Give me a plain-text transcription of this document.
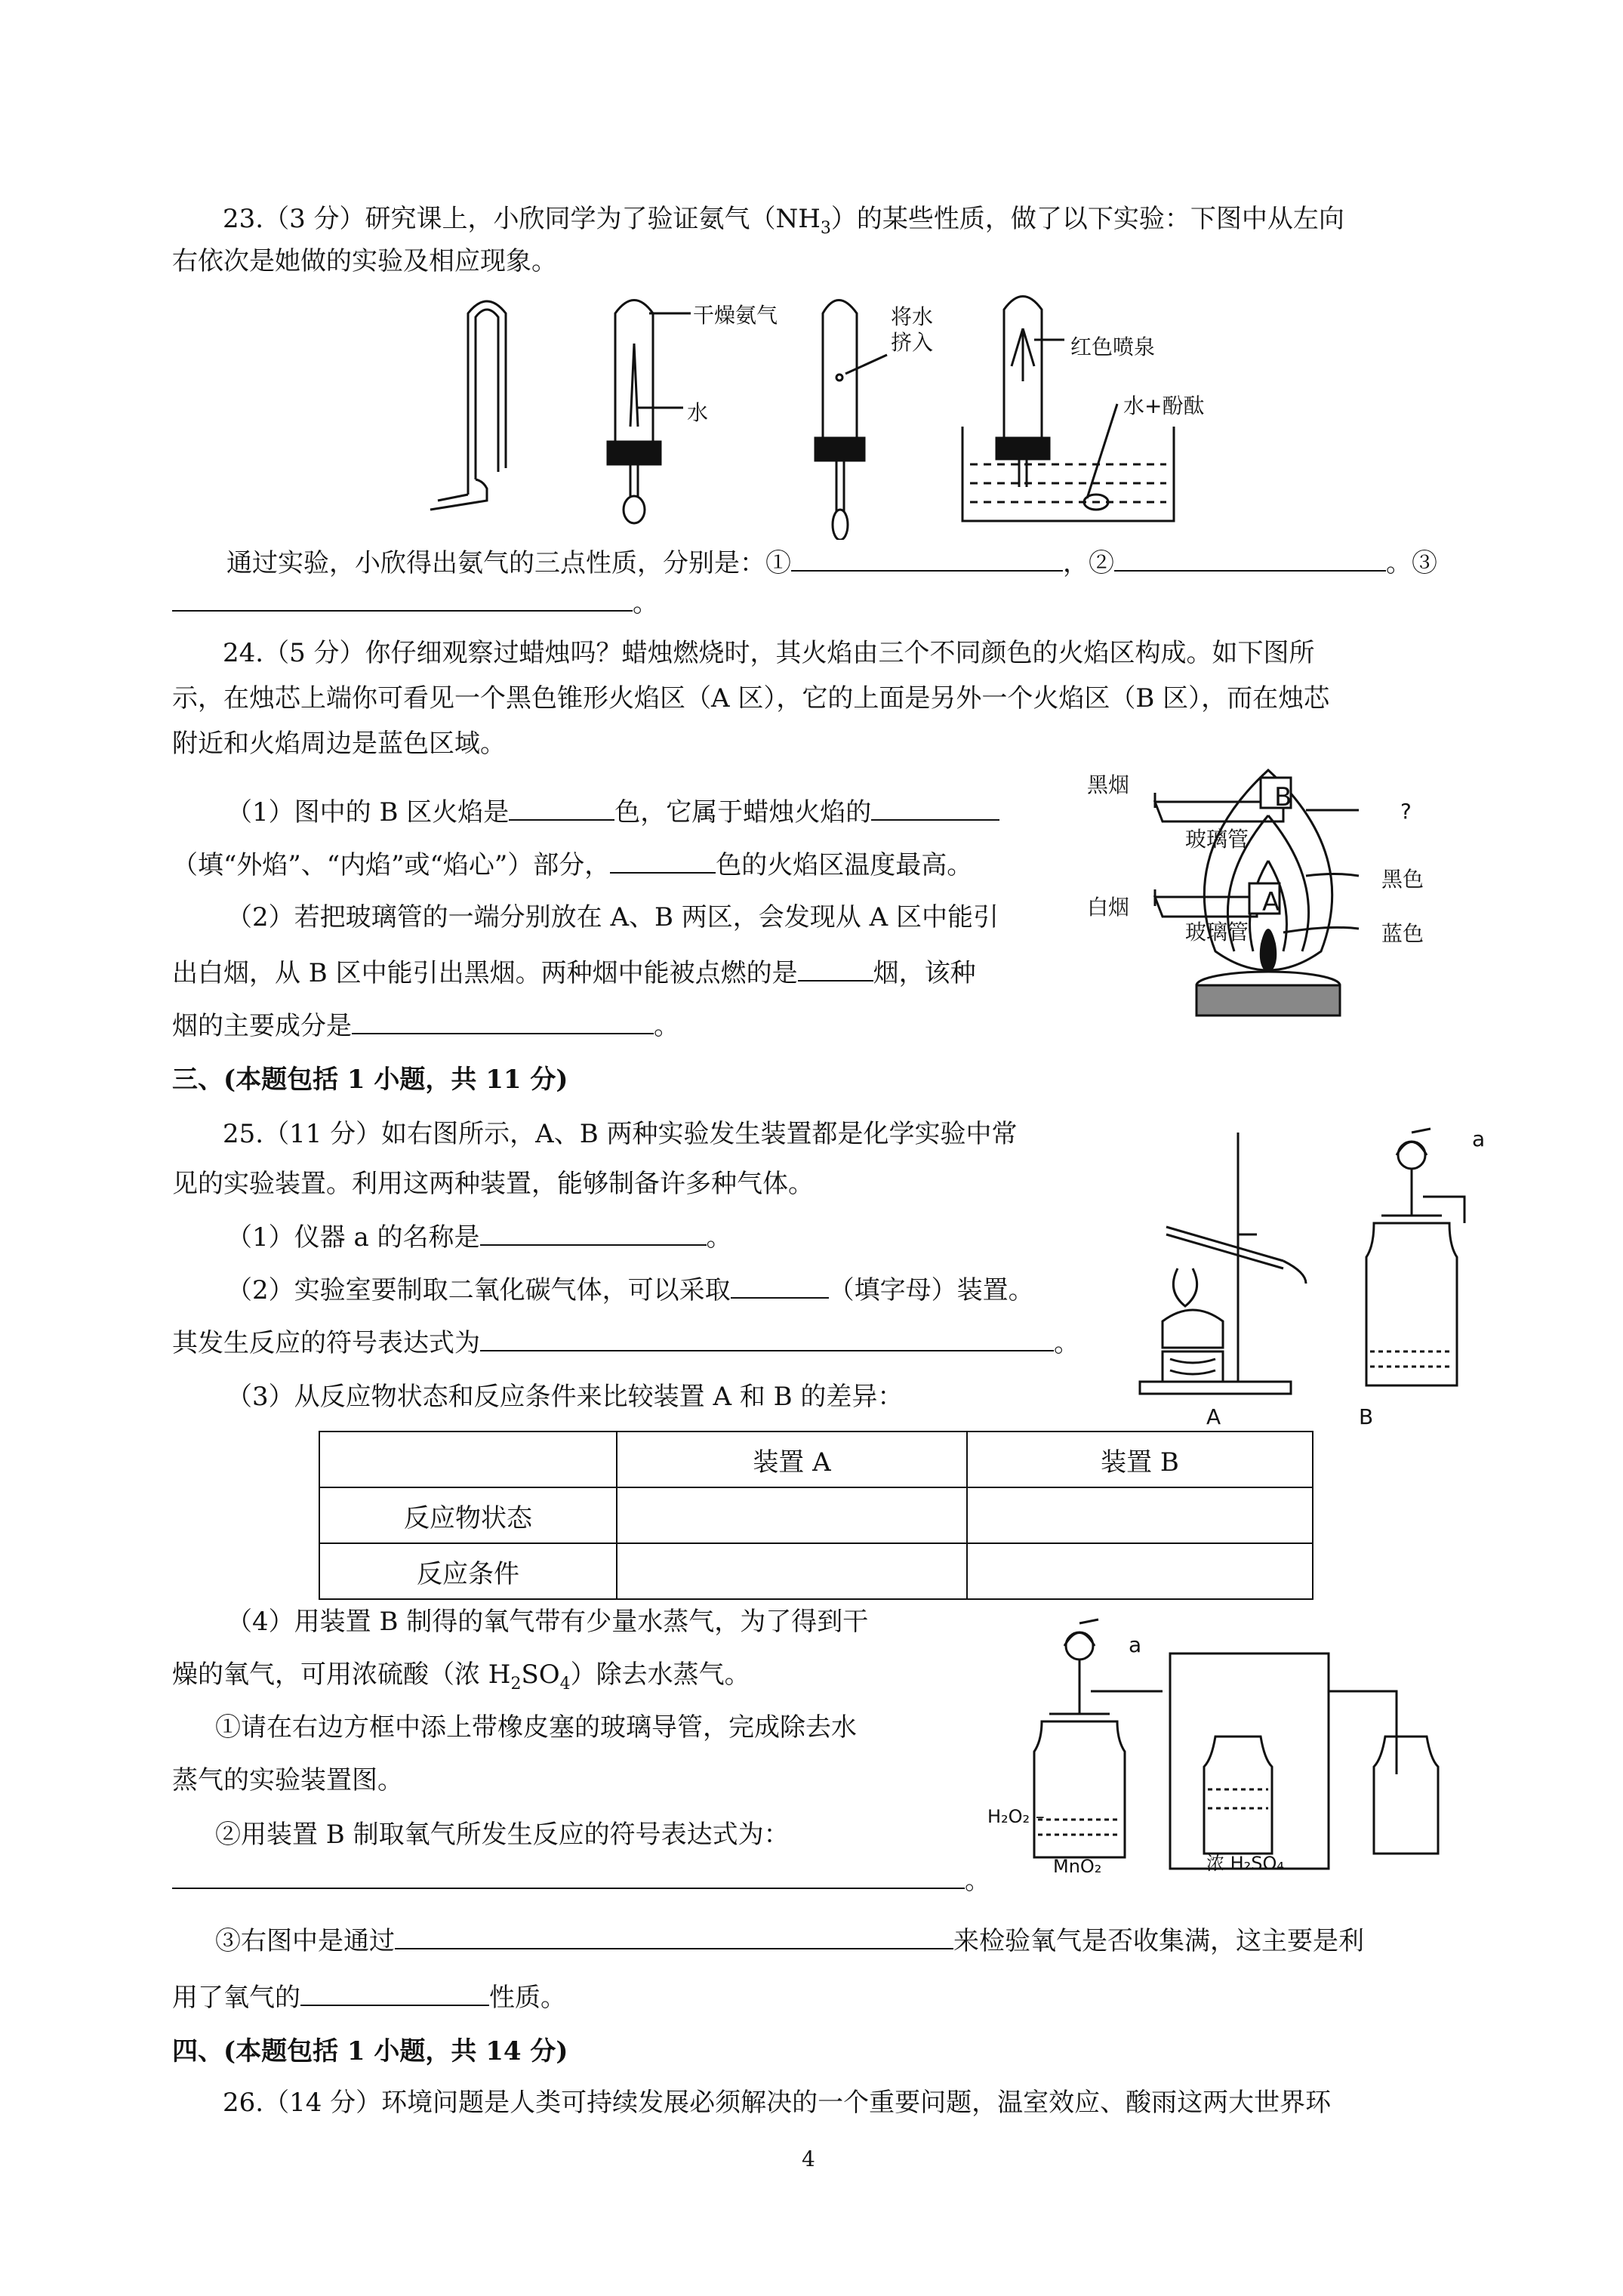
23.（3 分）研究课上，小欣同学为了验证氨气$(NH_3)$的某些性质，做了以下实验：下图中从左向
右依次是她做的实验及相应现象。
干燥氨气
水
将水
挤入	红色喷泉
水+酚酞
通过实验，小欣得出氨气的三点性质，分别是：①	，②	。③
。
24.（5 分）你仔细观察过蜡烛吗？蜡烛燃烧时，其火焰由三个不同颜色的火焰区构成。如下图所
示，在烛芯上端你可看见一个黑色锥形火焰区（A 区），它的上面是另外一个火焰区（B 区），而在烛芯
附近和火焰周边是蓝色区域。
（1）图中的 B 区火焰是	色，它属于蜡烛火焰的
（填“外焰”、“内焰”或“焰心”）部分，	色的火焰区温度最高。
（2）若把玻璃管的一端分别放在 A、B 两区，会发现从 A 区中能引
出白烟，从 B 区中能引出黑烟。两种烟中能被点燃的是	烟，该种
烟的主要成分是	。
黑烟
白烟
玻璃管
玻璃管
?
黑色
蓝色
B
A
三、(本题包括 1 小题，共 11 分)
25.（11 分）如右图所示，A、B 两种实验发生装置都是化学实验中常
见的实验装置。利用这两种装置，能够制备许多种气体。
（1）仪器 a 的名称是	。
（2）实验室要制取二氧化碳气体，可以采取	（填字母）装置。
其发生反应的符号表达式为	。
（3）从反应物状态和反应条件来比较装置 A 和 B 的差异：
a
A	B
	装置 A	装置 B
反应物状态		
反应条件		
（4）用装置 B 制得的氧气带有少量水蒸气，为了得到干
燥的氧气，可用浓硫酸（浓 $H_2SO_4$）除去水蒸气。
①请在右边方框中添上带橡皮塞的玻璃导管，完成除去水
蒸气的实验装置图。
②用装置 B 制取氧气所发生反应的符号表达式为：
。
③右图中是通过	来检验氧气是否收集满，这主要是利
用了氧气的	性质。
a
H₂O₂ –
MnO₂	浓 H₂SO₄
四、(本题包括 1 小题，共 14 分)
26.（14 分）环境问题是人类可持续发展必须解决的一个重要问题，温室效应、酸雨这两大世界环
4
